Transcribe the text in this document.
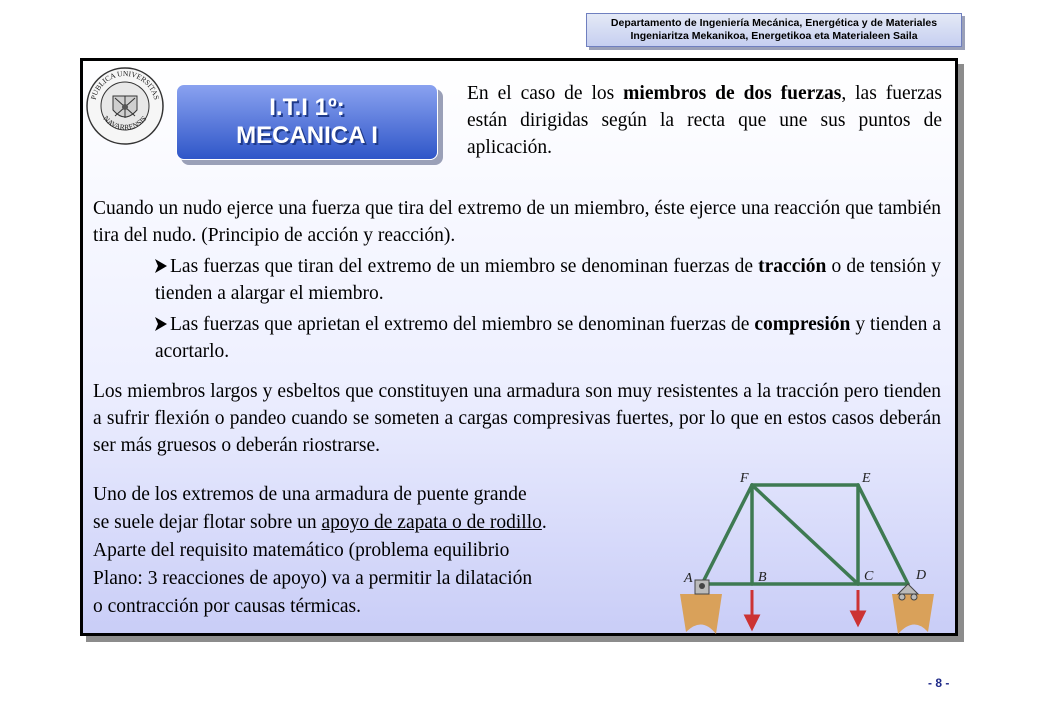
Departamento de Ingeniería Mecánica, Energética y de Materiales
Ingeniaritza Mekanikoa, Energetikoa eta Materialeen Saila
PUBLICA UNIVERSITAS
NAVARRENSIS	I.T.I 1º:
MECANICA I

En el caso de los miembros de dos fuerzas, las fuerzas están dirigidas según la recta que une sus puntos de aplicación.

Cuando un nudo ejerce una fuerza que tira del extremo de un miembro, éste ejerce una reacción que también tira del nudo. (Principio de acción y reacción).

Las fuerzas que tiran del extremo de un miembro se denominan fuerzas de tracción o de tensión y tienden a alargar el miembro.

Las fuerzas que aprietan el extremo del miembro se denominan fuerzas de compresión y tienden a acortarlo.

Los miembros largos y esbeltos que constituyen una armadura son muy resistentes a la tracción pero tienden a sufrir flexión o pandeo cuando se someten a cargas compresivas fuertes, por lo que en estos casos deberán ser más gruesos o deberán riostrarse.

Uno de los extremos de una armadura de puente grande
se suele dejar flotar sobre un apoyo de zapata o de rodillo.
Aparte del requisito matemático (problema equilibrio
Plano: 3 reacciones de apoyo) va a permitir la dilatación
o contracción por causas térmicas.

A	B	C	D
E
F
- 8 -
